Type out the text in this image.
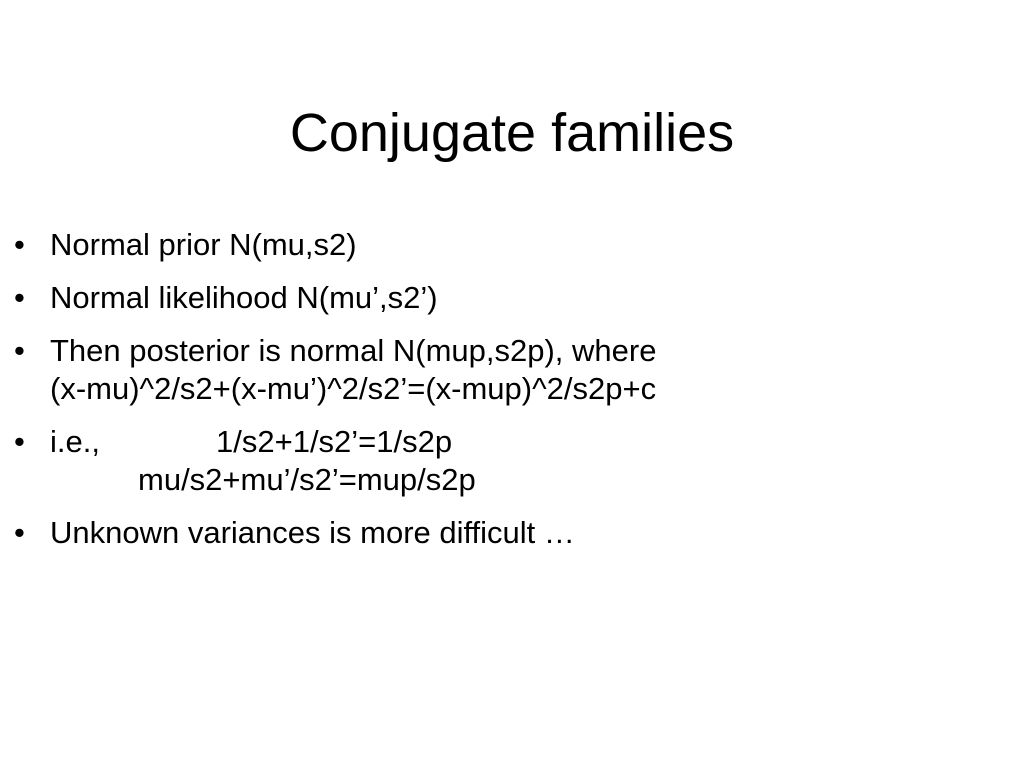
Conjugate families
• Normal prior N(mu,s2)
• Normal likelihood N(mu’,s2’)
• Then posterior is normal N(mup,s2p), where
(x-mu)^2/s2+(x-mu’)^2/s2’=(x-mup)^2/s2p+c
• i.e.,	1/s2+1/s2’=1/s2p
mu/s2+mu’/s2’=mup/s2p
• Unknown variances is more difficult …
